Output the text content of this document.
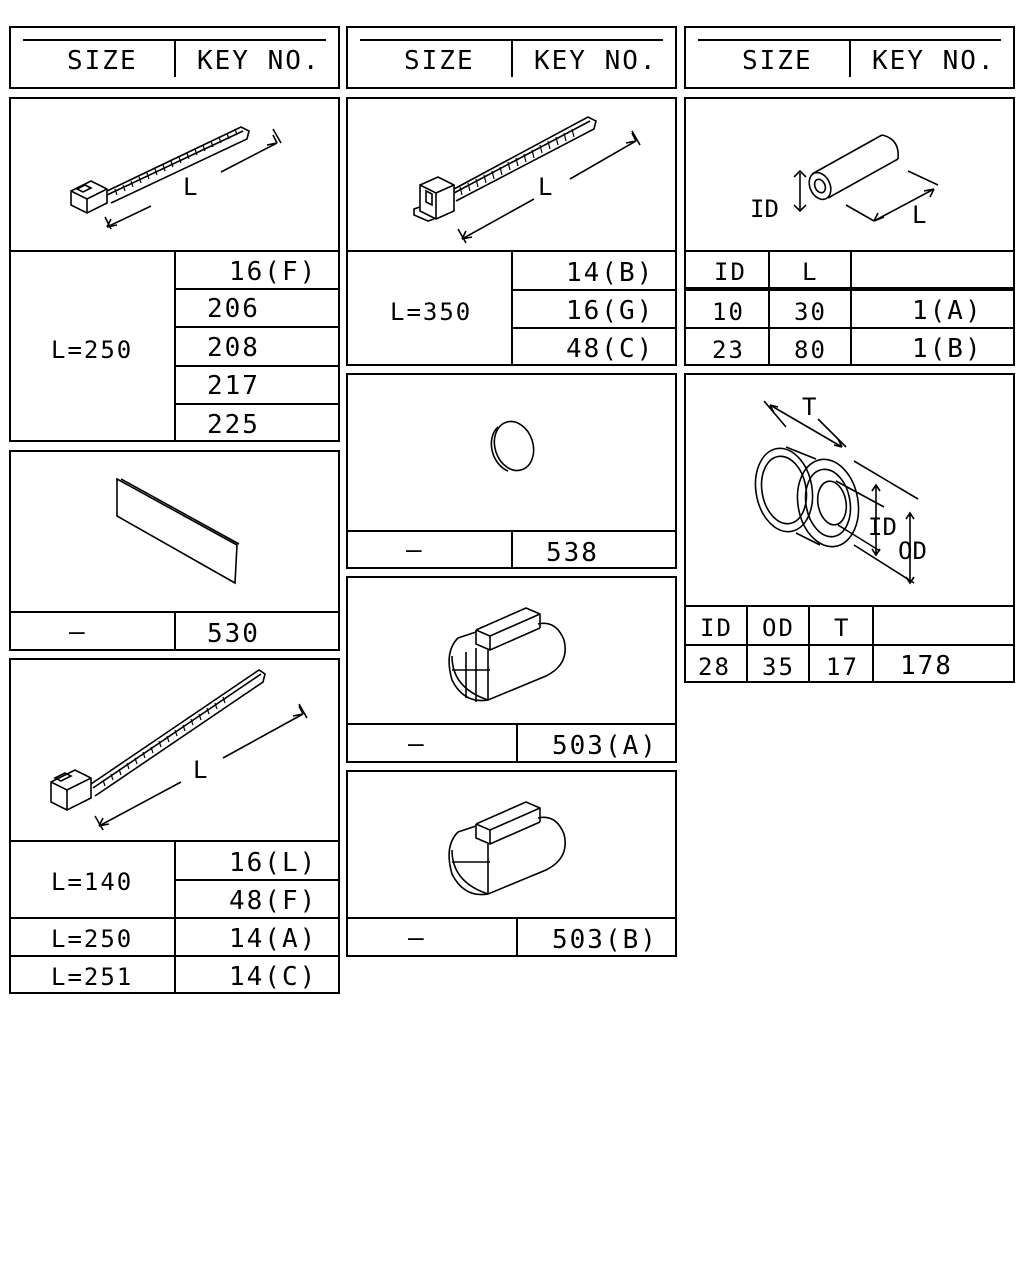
SIZE KEY NO.	SIZE KEY NO.	SIZE KEY NO.
L
L=250
16(F)
206
208
217
225
—	530
L
L=140
16(L)
48(F)
L=250	14(A)
L=251	14(C)
L
L=350
14(B)
16(G)
48(C)
—	538
—	503(A)
—	503(B)
ID	L
ID L
10 30	1(A)
23 80	1(B)
T
ID
OD
ID OD T
28 35 17 178
